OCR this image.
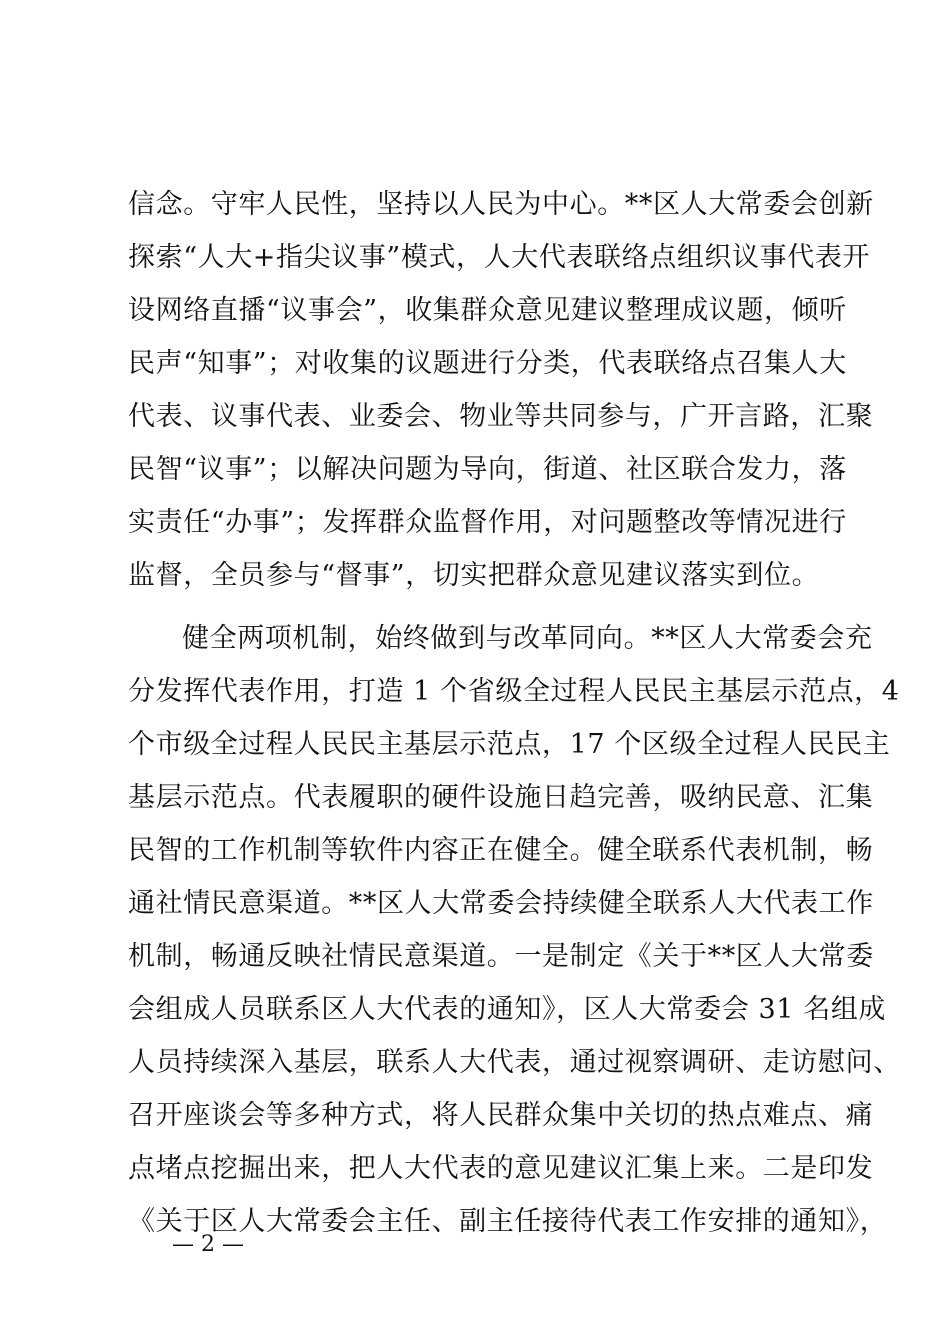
信念。守牢人民性，坚持以人民为中心。**区人大常委会创新
探索“人大+指尖议事”模式，人大代表联络点组织议事代表开
设网络直播“议事会”，收集群众意见建议整理成议题，倾听
民声“知事”；对收集的议题进行分类，代表联络点召集人大
代表、议事代表、业委会、物业等共同参与，广开言路，汇聚
民智“议事”；以解决问题为导向，街道、社区联合发力，落
实责任“办事”；发挥群众监督作用，对问题整改等情况进行
监督，全员参与“督事”，切实把群众意见建议落实到位。
健全两项机制，始终做到与改革同向。**区人大常委会充
分发挥代表作用，打造 1 个省级全过程人民民主基层示范点，4
个市级全过程人民民主基层示范点，17 个区级全过程人民民主
基层示范点。代表履职的硬件设施日趋完善，吸纳民意、汇集
民智的工作机制等软件内容正在健全。健全联系代表机制，畅
通社情民意渠道。**区人大常委会持续健全联系人大代表工作
机制，畅通反映社情民意渠道。一是制定《关于**区人大常委
会组成人员联系区人大代表的通知》，区人大常委会 31 名组成
人员持续深入基层，联系人大代表，通过视察调研、走访慰问、
召开座谈会等多种方式，将人民群众集中关切的热点难点、痛
点堵点挖掘出来，把人大代表的意见建议汇集上来。二是印发
《关于区人大常委会主任、副主任接待代表工作安排的通知》，
— 2 —
